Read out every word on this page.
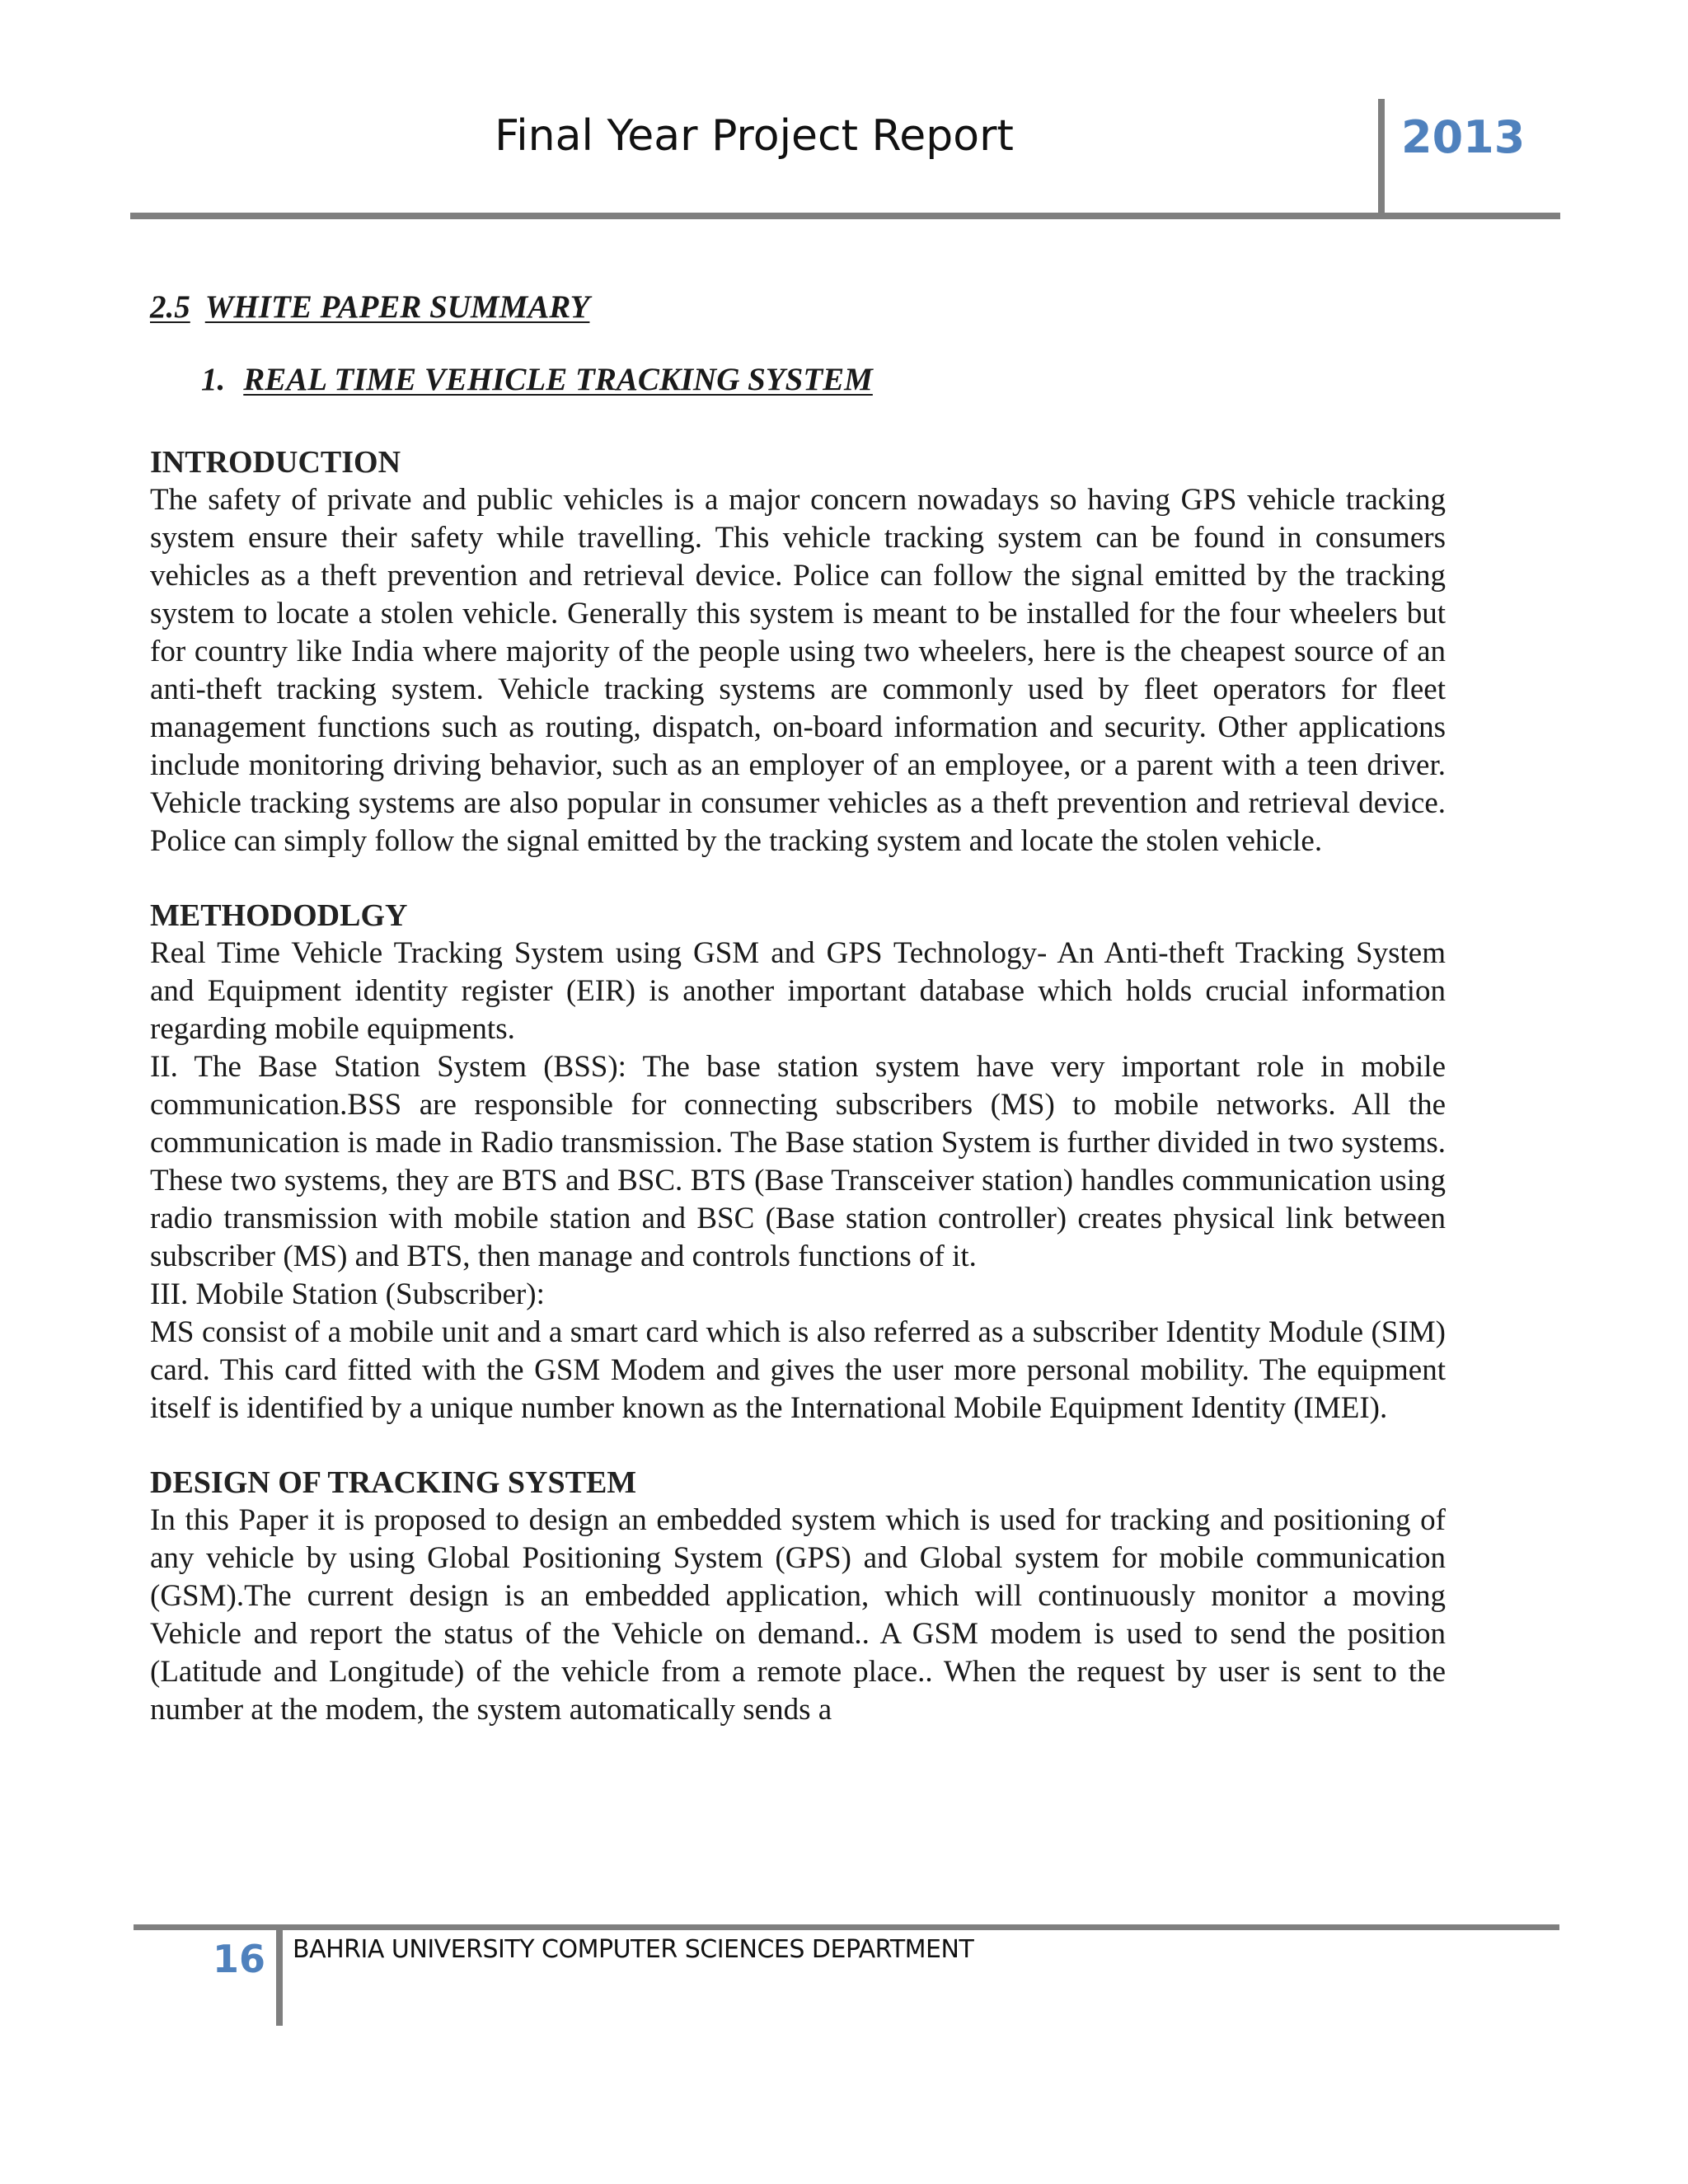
Final Year Project Report	2013
2.5 WHITE PAPER SUMMARY
1. REAL TIME VEHICLE TRACKING SYSTEM
INTRODUCTION

The safety of private and public vehicles is a major concern nowadays so having GPS vehicle tracking system ensure their safety while travelling. This vehicle tracking system can be found in consumers vehicles as a theft prevention and retrieval device. Police can follow the signal emitted by the tracking system to locate a stolen vehicle. Generally this system is meant to be installed for the four wheelers but for country like India where majority of the people using two wheelers, here is the cheapest source of an anti-theft tracking system. Vehicle tracking systems are commonly used by fleet operators for fleet management functions such as routing, dispatch, on-board information and security. Other applications include monitoring driving behavior, such as an employer of an employee, or a parent with a teen driver. Vehicle tracking systems are also popular in consumer vehicles as a theft prevention and retrieval device. Police can simply follow the signal emitted by the tracking system and locate the stolen vehicle.

METHODODLGY

Real Time Vehicle Tracking System using GSM and GPS Technology- An Anti-theft Tracking System and Equipment identity register (EIR) is another important database which holds crucial information regarding mobile equipments.

II. The Base Station System (BSS): The base station system have very important role in mobile communication.BSS are responsible for connecting subscribers (MS) to mobile networks. All the communication is made in Radio transmission. The Base station System is further divided in two systems. These two systems, they are BTS and BSC. BTS (Base Transceiver station) handles communication using radio transmission with mobile station and BSC (Base station controller) creates physical link between subscriber (MS) and BTS, then manage and controls functions of it.

III. Mobile Station (Subscriber):

MS consist of a mobile unit and a smart card which is also referred as a subscriber Identity Module (SIM) card. This card fitted with the GSM Modem and gives the user more personal mobility. The equipment itself is identified by a unique number known as the International Mobile Equipment Identity (IMEI).

DESIGN OF TRACKING SYSTEM

In this Paper it is proposed to design an embedded system which is used for tracking and positioning of any vehicle by using Global Positioning System (GPS) and Global system for mobile communication (GSM).The current design is an embedded application, which will continuously monitor a moving Vehicle and report the status of the Vehicle on demand.. A GSM modem is used to send the position (Latitude and Longitude) of the vehicle from a remote place.. When the request by user is sent to the number at the modem, the system automatically sends a

16 BAHRIA UNIVERSITY COMPUTER SCIENCES DEPARTMENT
